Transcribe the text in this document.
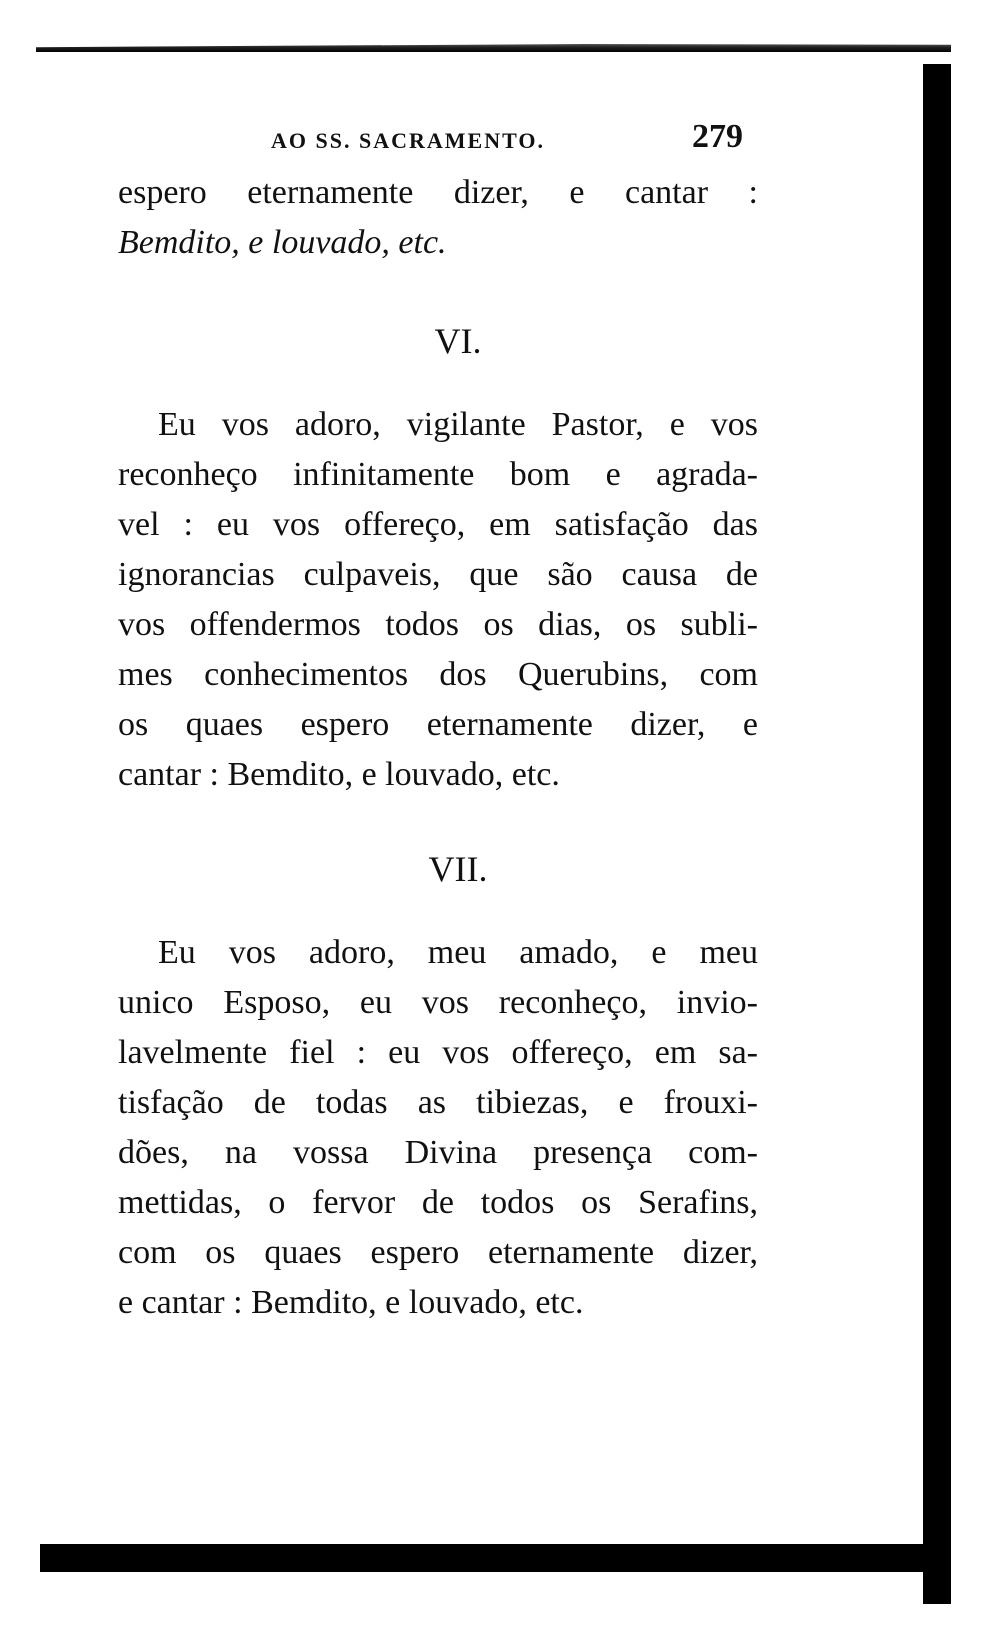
AO SS. SACRAMENTO.	279

espero eternamente dizer, e cantar :
Bemdito, e louvado, etc.

VI.

Eu vos adoro, vigilante Pastor, e vos
reconheço infinitamente bom e agrada-
vel : eu vos offereço, em satisfação das
ignorancias culpaveis, que são causa de
vos offendermos todos os dias, os subli-
mes conhecimentos dos Querubins, com
os quaes espero eternamente dizer, e
cantar : Bemdito, e louvado, etc.

VII.

Eu vos adoro, meu amado, e meu
unico Esposo, eu vos reconheço, invio-
lavelmente fiel : eu vos offereço, em sa-
tisfação de todas as tibiezas, e frouxi-
dões, na vossa Divina presença com-
mettidas, o fervor de todos os Serafins,
com os quaes espero eternamente dizer,
e cantar : Bemdito, e louvado, etc.
